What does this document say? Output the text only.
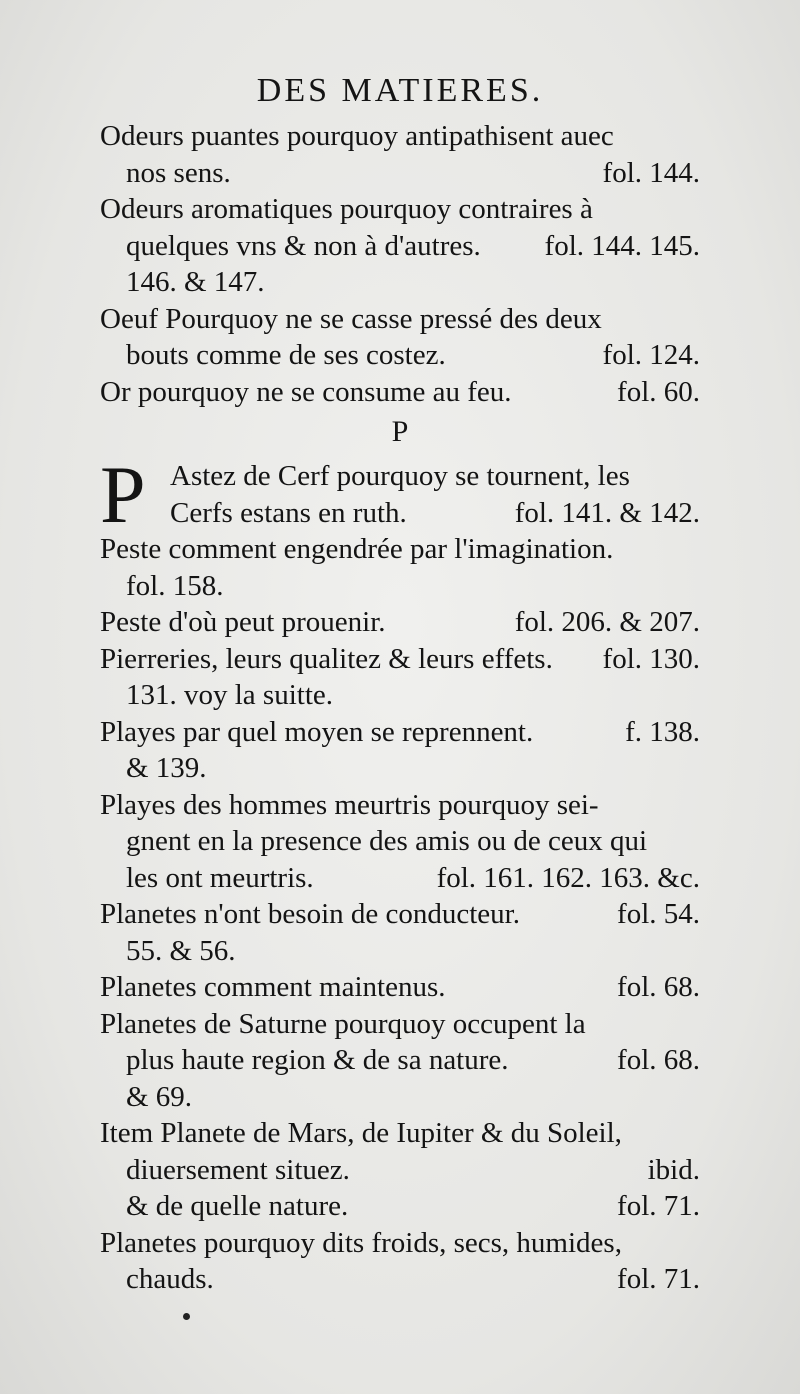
DES MATIERES.
Odeurs puantes pourquoy antipathisent auec
nos sens.	fol. 144.
Odeurs aromatiques pourquoy contraires à
quelques vns & non à d'autres. fol. 144. 145.
146. & 147.
Oeuf Pourquoy ne se casse pressé des deux
bouts comme de ses costez.	fol. 124.
Or pourquoy ne se consume au feu.	fol. 60.
P
P Astez de Cerf pourquoy se tournent, les
Cerfs estans en ruth.	fol. 141. & 142.
Peste comment engendrée par l'imagination.
fol. 158.
Peste d'où peut prouenir.	fol. 206. & 207.
Pierreries, leurs qualitez & leurs effets. fol. 130.
131. voy la suitte.
Playes par quel moyen se reprennent.	f. 138.
& 139.
Playes des hommes meurtris pourquoy sei-
gnent en la presence des amis ou de ceux qui
les ont meurtris.	fol. 161. 162. 163. &c.
Planetes n'ont besoin de conducteur.	fol. 54.
55. & 56.
Planetes comment maintenus.	fol. 68.
Planetes de Saturne pourquoy occupent la
plus haute region & de sa nature.	fol. 68.
& 69.
Item Planete de Mars, de Iupiter & du Soleil,
diuersement situez.	ibid.
& de quelle nature.	fol. 71.
Planetes pourquoy dits froids, secs, humides,
chauds.	fol. 71.
